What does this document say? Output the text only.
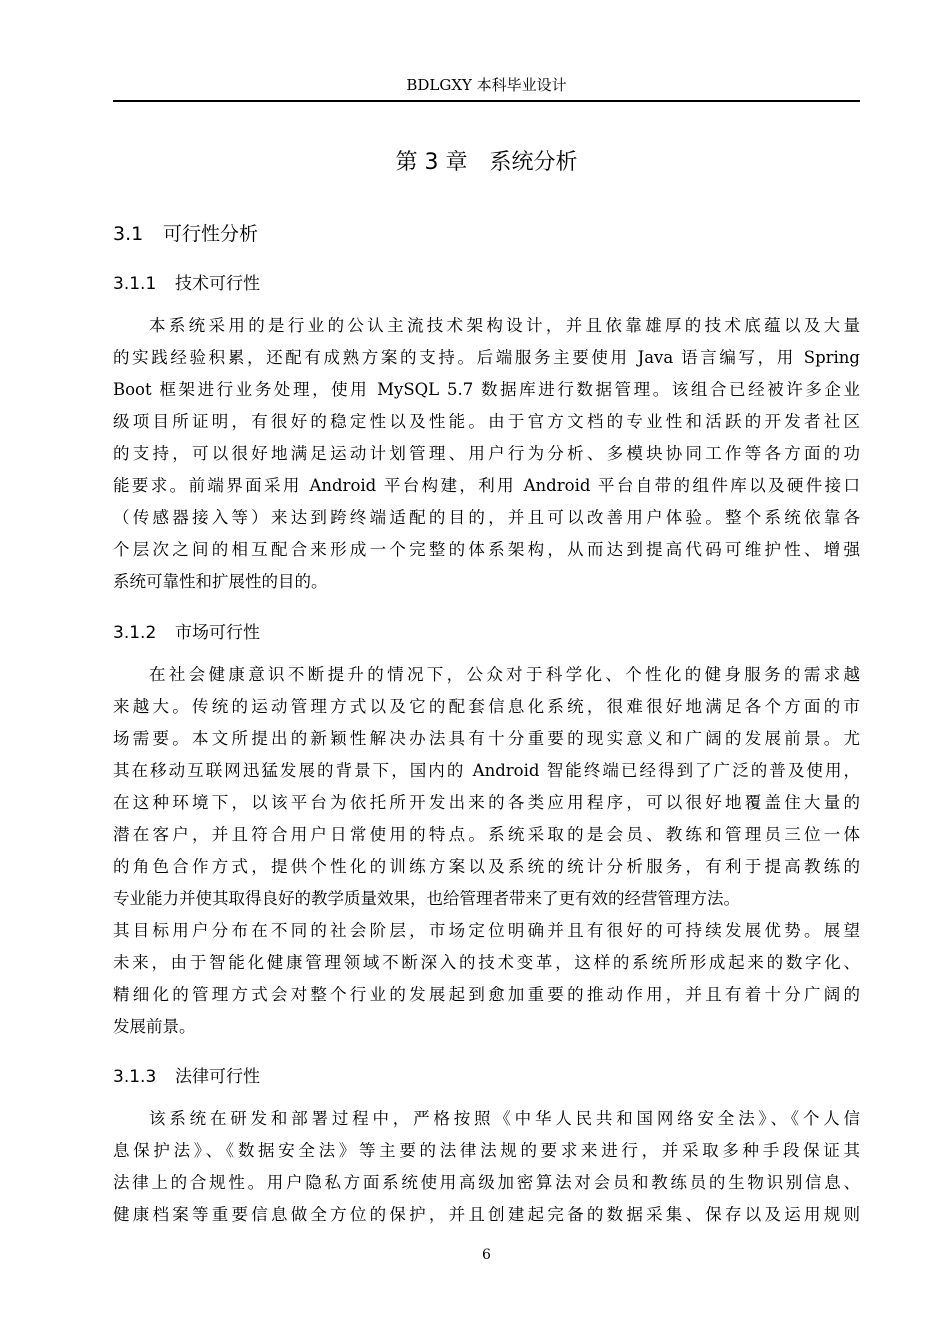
BDLGXY 本科毕业设计
第 3 章 系统分析
3.1 可行性分析
3.1.1 技术可行性
本系统采用的是行业的公认主流技术架构设计，并且依靠雄厚的技术底蕴以及大量
的实践经验积累，还配有成熟方案的支持。后端服务主要使用 Java 语言编写，用 Spring
Boot 框架进行业务处理，使用 MySQL 5.7 数据库进行数据管理。该组合已经被许多企业
级项目所证明，有很好的稳定性以及性能。由于官方文档的专业性和活跃的开发者社区
的支持，可以很好地满足运动计划管理、用户行为分析、多模块协同工作等各方面的功
能要求。前端界面采用 Android 平台构建，利用 Android 平台自带的组件库以及硬件接口
（传感器接入等）来达到跨终端适配的目的，并且可以改善用户体验。整个系统依靠各
个层次之间的相互配合来形成一个完整的体系架构，从而达到提高代码可维护性、增强
系统可靠性和扩展性的目的。
3.1.2 市场可行性
在社会健康意识不断提升的情况下，公众对于科学化、个性化的健身服务的需求越
来越大。传统的运动管理方式以及它的配套信息化系统，很难很好地满足各个方面的市
场需要。本文所提出的新颖性解决办法具有十分重要的现实意义和广阔的发展前景。尤
其在移动互联网迅猛发展的背景下，国内的 Android 智能终端已经得到了广泛的普及使用，
在这种环境下，以该平台为依托所开发出来的各类应用程序，可以很好地覆盖住大量的
潜在客户，并且符合用户日常使用的特点。系统采取的是会员、教练和管理员三位一体
的角色合作方式，提供个性化的训练方案以及系统的统计分析服务，有利于提高教练的
专业能力并使其取得良好的教学质量效果，也给管理者带来了更有效的经营管理方法。
其目标用户分布在不同的社会阶层，市场定位明确并且有很好的可持续发展优势。展望
未来，由于智能化健康管理领域不断深入的技术变革，这样的系统所形成起来的数字化、
精细化的管理方式会对整个行业的发展起到愈加重要的推动作用，并且有着十分广阔的
发展前景。
3.1.3 法律可行性
该系统在研发和部署过程中，严格按照《中华人民共和国网络安全法》、《个人信
息保护法》、《数据安全法》等主要的法律法规的要求来进行，并采取多种手段保证其
法律上的合规性。用户隐私方面系统使用高级加密算法对会员和教练员的生物识别信息、
健康档案等重要信息做全方位的保护，并且创建起完备的数据采集、保存以及运用规则
6
